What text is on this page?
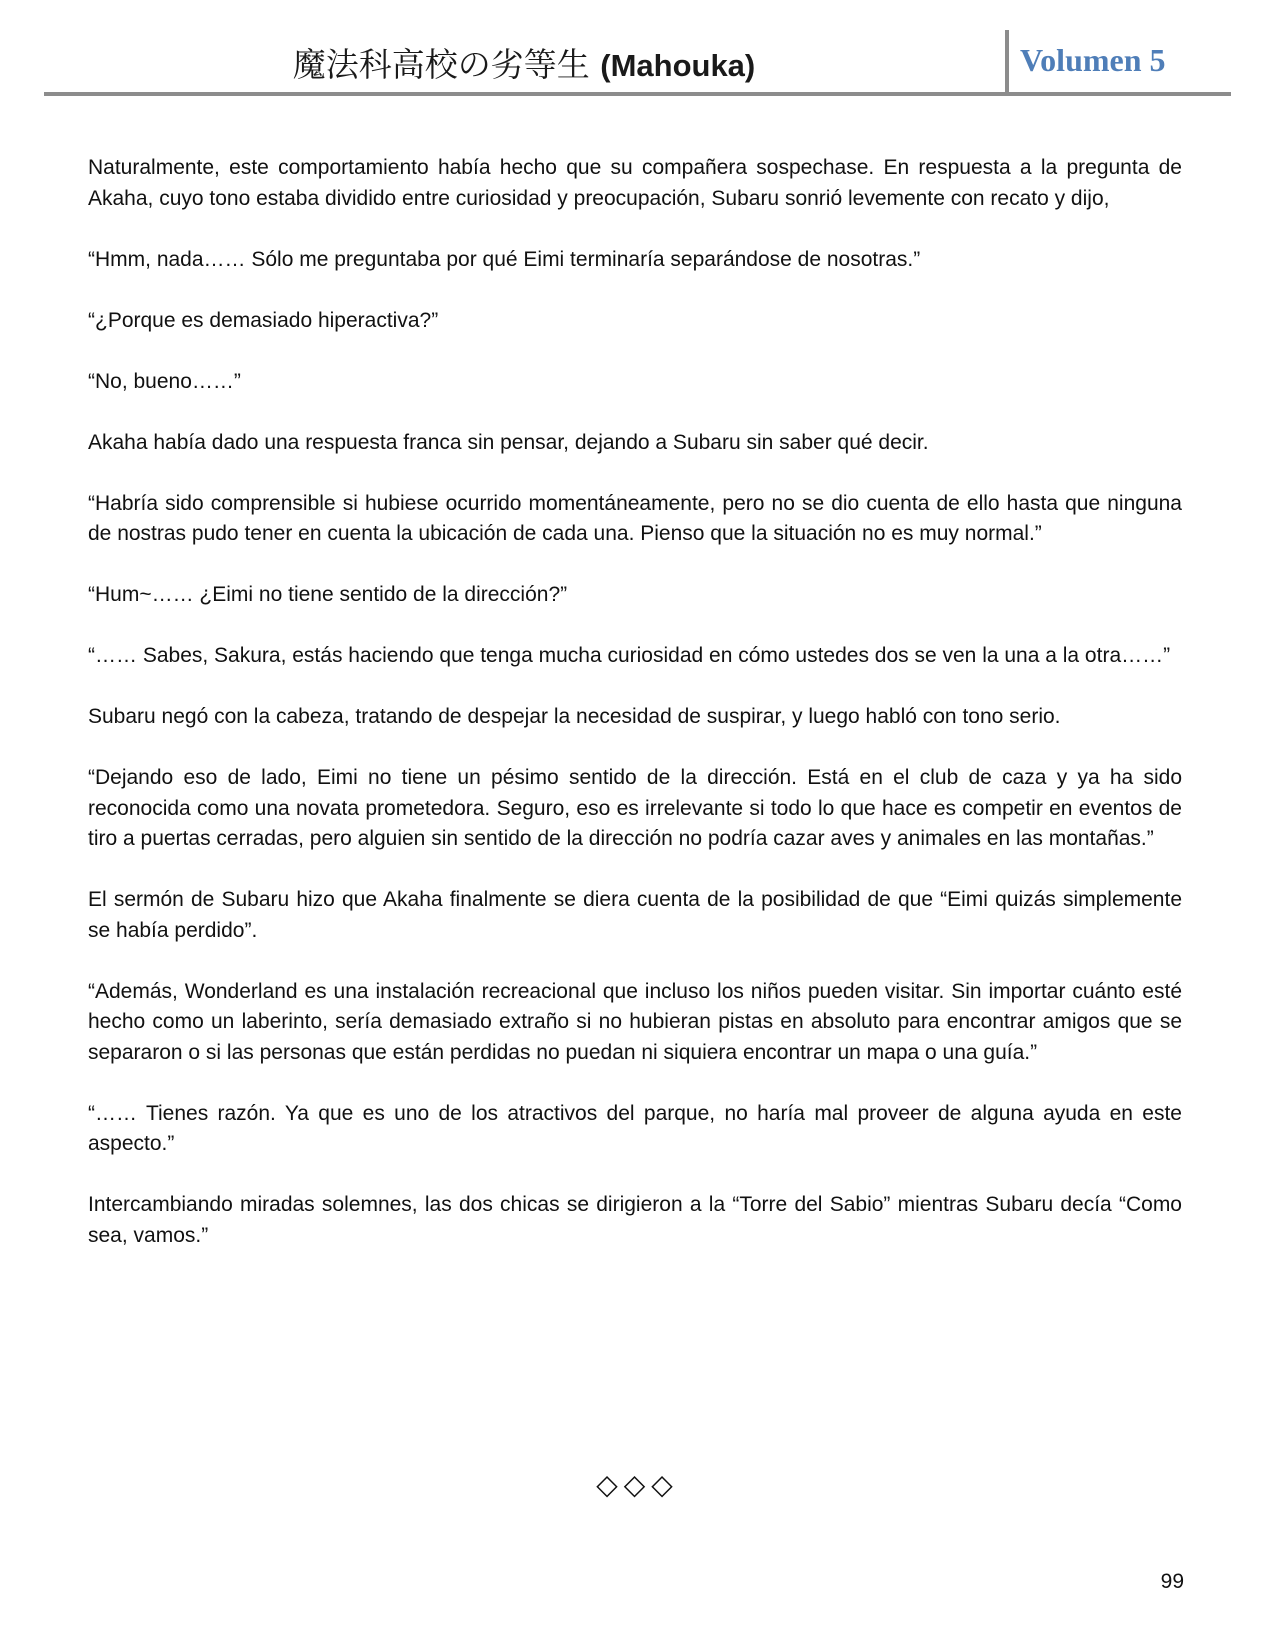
魔法科高校の劣等生 (Mahouka)	Volumen 5

Naturalmente, este comportamiento había hecho que su compañera sospechase. En respuesta a la pregunta de Akaha, cuyo tono estaba dividido entre curiosidad y preocupación, Subaru sonrió levemente con recato y dijo,

“Hmm, nada…… Sólo me preguntaba por qué Eimi terminaría separándose de nosotras.”

“¿Porque es demasiado hiperactiva?”

“No, bueno……”

Akaha había dado una respuesta franca sin pensar, dejando a Subaru sin saber qué decir.

“Habría sido comprensible si hubiese ocurrido momentáneamente, pero no se dio cuenta de ello hasta que ninguna de nostras pudo tener en cuenta la ubicación de cada una. Pienso que la situación no es muy normal.”

“Hum~…… ¿Eimi no tiene sentido de la dirección?”

“…… Sabes, Sakura, estás haciendo que tenga mucha curiosidad en cómo ustedes dos se ven la una a la otra……”

Subaru negó con la cabeza, tratando de despejar la necesidad de suspirar, y luego habló con tono serio.

“Dejando eso de lado, Eimi no tiene un pésimo sentido de la dirección. Está en el club de caza y ya ha sido reconocida como una novata prometedora. Seguro, eso es irrelevante si todo lo que hace es competir en eventos de tiro a puertas cerradas, pero alguien sin sentido de la dirección no podría cazar aves y animales en las montañas.”

El sermón de Subaru hizo que Akaha finalmente se diera cuenta de la posibilidad de que “Eimi quizás simplemente se había perdido”.

“Además, Wonderland es una instalación recreacional que incluso los niños pueden visitar. Sin importar cuánto esté hecho como un laberinto, sería demasiado extraño si no hubieran pistas en absoluto para encontrar amigos que se separaron o si las personas que están perdidas no puedan ni siquiera encontrar un mapa o una guía.”

“…… Tienes razón. Ya que es uno de los atractivos del parque, no haría mal proveer de alguna ayuda en este aspecto.”

Intercambiando miradas solemnes, las dos chicas se dirigieron a la “Torre del Sabio” mientras Subaru decía “Como sea, vamos.”

◇◇◇
99
